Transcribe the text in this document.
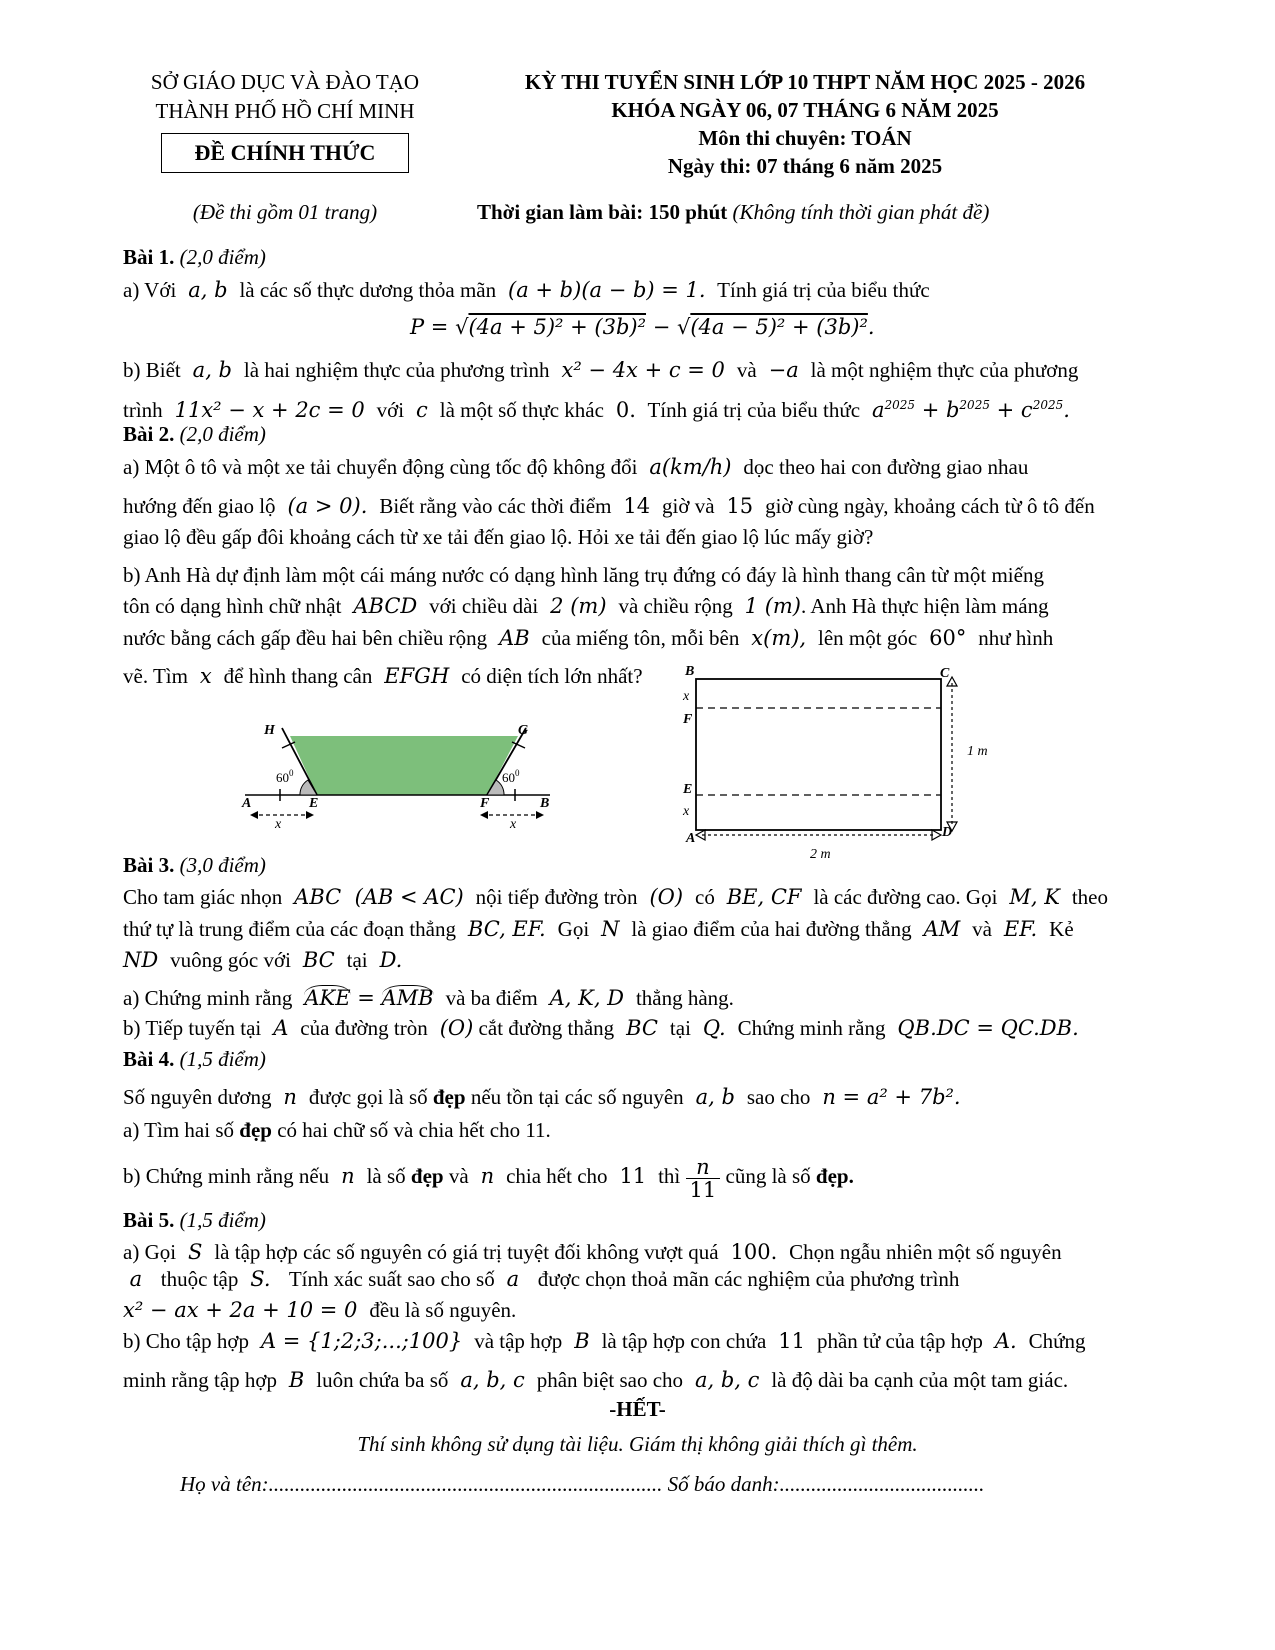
SỞ GIÁO DỤC VÀ ĐÀO TẠO
THÀNH PHỐ HỒ CHÍ MINH
ĐỀ CHÍNH THỨC
(Đề thi gồm 01 trang)
KỲ THI TUYỂN SINH LỚP 10 THPT NĂM HỌC 2025 - 2026
KHÓA NGÀY 06, 07 THÁNG 6 NĂM 2025
Môn thi chuyên: TOÁN
Ngày thi: 07 tháng 6 năm 2025
Thời gian làm bài: 150 phút (Không tính thời gian phát đề)
Bài 1. (2,0 điểm)
a) Với  a, b  là các số thực dương thỏa mãn  (a + b)(a − b) = 1.  Tính giá trị của biểu thức
P = √(4a + 5)² + (3b)² − √(4a − 5)² + (3b)².
b) Biết  a, b  là hai nghiệm thực của phương trình  x² − 4x + c = 0  và  −a  là một nghiệm thực của phương
trình  11x² − x + 2c = 0  với  c  là một số thực khác  0.  Tính giá trị của biểu thức  $a^{2025} + b^{2025} + c^{2025}$.
Bài 2. (2,0 điểm)
a) Một ô tô và một xe tải chuyển động cùng tốc độ không đổi  a(km/h)  dọc theo hai con đường giao nhau
hướng đến giao lộ  (a > 0).  Biết rằng vào các thời điểm  14  giờ và  15  giờ cùng ngày, khoảng cách từ ô tô đến
giao lộ đều gấp đôi khoảng cách từ xe tải đến giao lộ. Hỏi xe tải đến giao lộ lúc mấy giờ?
b) Anh Hà dự định làm một cái máng nước có dạng hình lăng trụ đứng có đáy là hình thang cân từ một miếng
tôn có dạng hình chữ nhật  ABCD  với chiều dài  2 (m)  và chiều rộng  1 (m). Anh Hà thực hiện làm máng
nước bằng cách gấp đều hai bên chiều rộng  AB  của miếng tôn, mỗi bên  x(m),  lên một góc  60°  như hình
vẽ. Tìm  x  để hình thang cân  EFGH  có diện tích lớn nhất?
H	G
A	E	F	B
x	x
$60^0$	$60^0$
B	C
F
E
A	D
x
x
1 m
2 m
Bài 3. (3,0 điểm)
Cho tam giác nhọn  ABC  (AB < AC)  nội tiếp đường tròn  (O)  có  BE, CF  là các đường cao. Gọi  M, K  theo
thứ tự là trung điểm của các đoạn thẳng  BC, EF.  Gọi  N  là giao điểm của hai đường thẳng  AM  và  EF.  Kẻ
ND  vuông góc với  BC  tại  D.
a) Chứng minh rằng AKE = AMB và ba điểm  A, K, D  thẳng hàng.
b) Tiếp tuyến tại  A  của đường tròn  (O) cắt đường thẳng  BC  tại  Q.  Chứng minh rằng  QB.DC = QC.DB.
Bài 4. (1,5 điểm)
Số nguyên dương  n  được gọi là số đẹp nếu tồn tại các số nguyên  a, b  sao cho  n = a² + 7b².
a) Tìm hai số đẹp có hai chữ số và chia hết cho 11.
b) Chứng minh rằng nếu  n  là số đẹp và  n  chia hết cho  11  thì $\frac{n}{11}$ cũng là số đẹp.
Bài 5. (1,5 điểm)
a) Gọi  S  là tập hợp các số nguyên có giá trị tuyệt đối không vượt quá  100.  Chọn ngẫu nhiên một số nguyên
a   thuộc tập  S.   Tính xác suất sao cho số  a   được chọn thoả mãn các nghiệm của phương trình
x² − ax + 2a + 10 = 0  đều là số nguyên.
b) Cho tập hợp  A = {1;2;3;...;100}  và tập hợp  B  là tập hợp con chứa  11  phần tử của tập hợp  A.  Chứng
minh rằng tập hợp  B  luôn chứa ba số  a, b, c  phân biệt sao cho  a, b, c  là độ dài ba cạnh của một tam giác.
-HẾT-
Thí sinh không sử dụng tài liệu. Giám thị không giải thích gì thêm.
Họ và tên:........................................................................... Số báo danh:.......................................
